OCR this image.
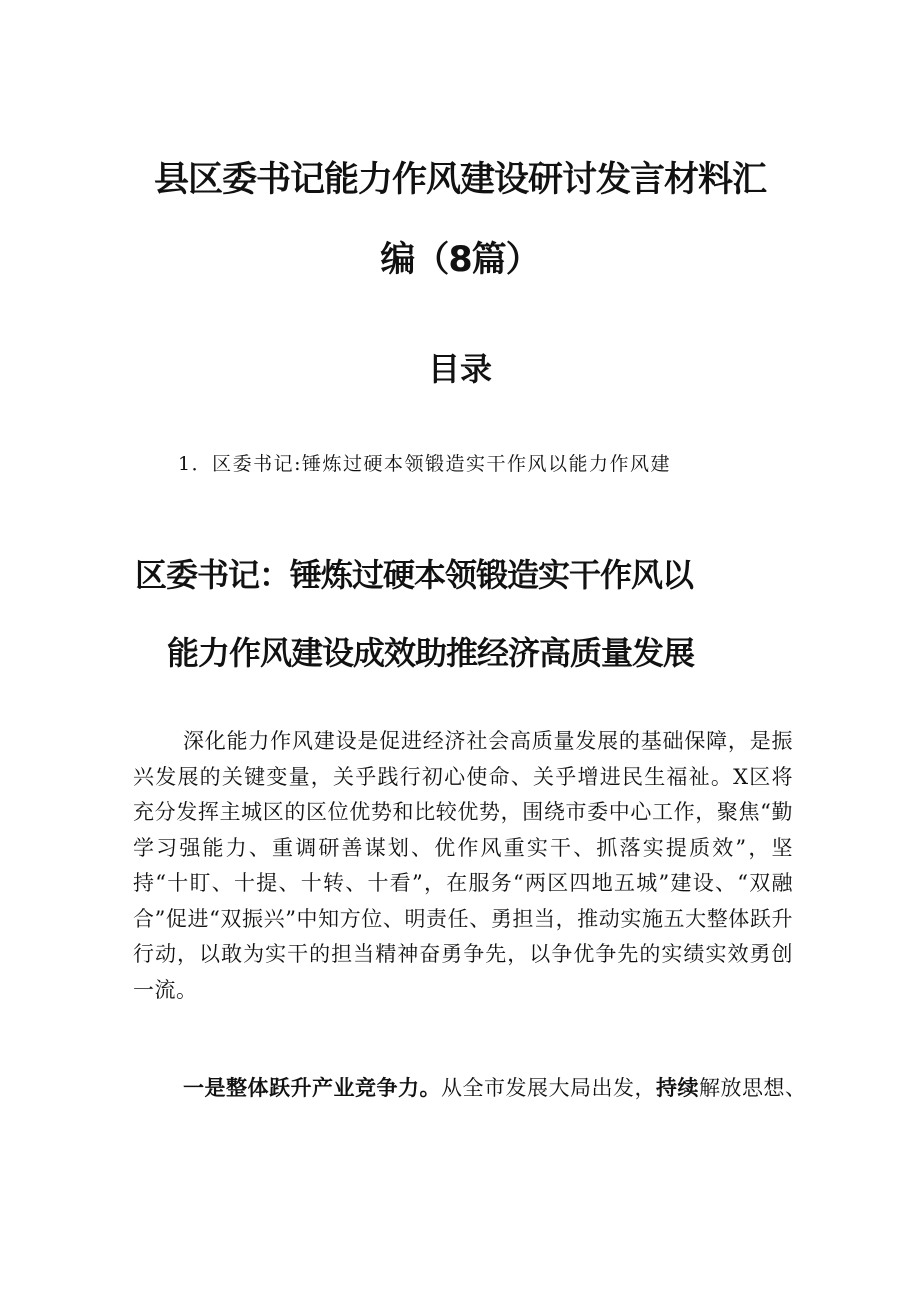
县区委书记能力作风建设研讨发言材料汇
编（8篇）
目录
1．区委书记:锤炼过硬本领锻造实干作风以能力作风建
区委书记：锤炼过硬本领锻造实干作风以
能力作风建设成效助推经济高质量发展

深化能力作风建设是促进经济社会高质量发展的基础保障，是振兴发展的关键变量，关乎践行初心使命、关乎增进民生福祉。X区将充分发挥主城区的区位优势和比较优势，围绕市委中心工作，聚焦“勤学习强能力、重调研善谋划、优作风重实干、抓落实提质效”，坚持“十盯、十提、十转、十看”，在服务“两区四地五城”建设、“双融合”促进“双振兴”中知方位、明责任、勇担当，推动实施五大整体跃升行动，以敢为实干的担当精神奋勇争先，以争优争先的实绩实效勇创一流。

一是整体跃升产业竞争力。从全市发展大局出发，持续解放思想、
